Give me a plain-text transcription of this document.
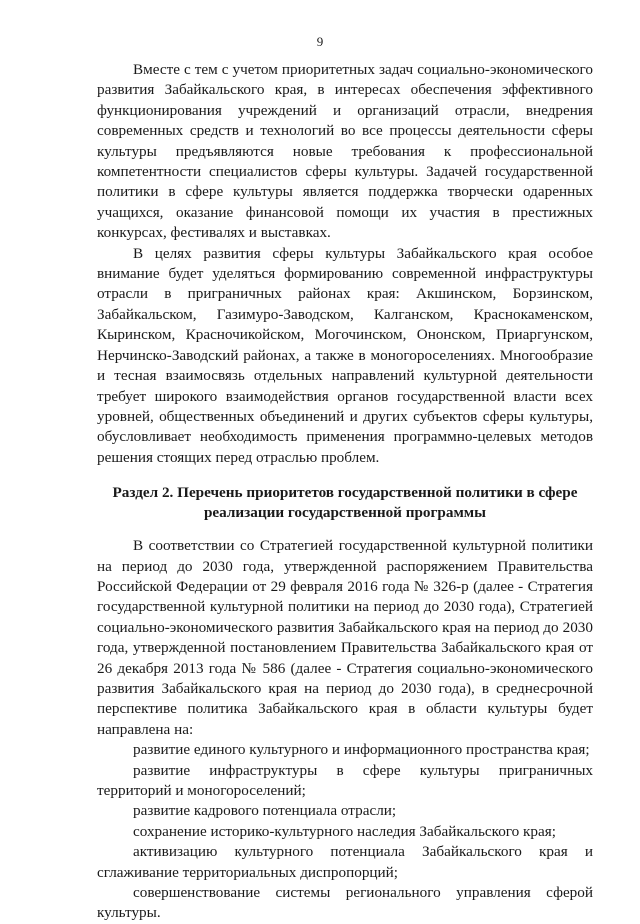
9

Вместе с тем с учетом приоритетных задач социально-экономического развития Забайкальского края, в интересах обеспечения эффективного функционирования учреждений и организаций отрасли, внедрения современных средств и технологий во все процессы деятельности сферы культуры предъявляются новые требования к профессиональной компетентности специалистов сферы культуры. Задачей государственной политики в сфере культуры является поддержка творчески одаренных учащихся, оказание финансовой помощи их участия в престижных конкурсах, фестивалях и выставках.

В целях развития сферы культуры Забайкальского края особое внимание будет уделяться формированию современной инфраструктуры отрасли в приграничных районах края: Акшинском, Борзинском, Забайкальском, Газимуро-Заводском, Калганском, Краснокаменском, Кыринском, Красночикойском, Могочинском, Ононском, Приаргунском, Нерчинско-Заводский районах, а также в моногороселениях. Многообразие и тесная взаимосвязь отдельных направлений культурной деятельности требует широкого взаимодействия органов государственной власти всех уровней, общественных объединений и других субъектов сферы культуры, обусловливает необходимость применения программно-целевых методов решения стоящих перед отраслью проблем.

Раздел 2. Перечень приоритетов государственной политики в сфере
реализации государственной программы

В соответствии со Стратегией государственной культурной политики на период до 2030 года, утвержденной распоряжением Правительства Российской Федерации от 29 февраля 2016 года № 326-р (далее - Стратегия государственной культурной политики на период до 2030 года), Стратегией социально-экономического развития Забайкальского края на период до 2030 года, утвержденной постановлением Правительства Забайкальского края от 26 декабря 2013 года № 586 (далее - Стратегия социально-экономического развития Забайкальского края на период до 2030 года), в среднесрочной перспективе политика Забайкальского края в области культуры будет направлена на:

развитие единого культурного и информационного пространства края;

развитие инфраструктуры в сфере культуры приграничных территорий и моногороселений;

развитие кадрового потенциала отрасли;

сохранение историко-культурного наследия Забайкальского края;

активизацию культурного потенциала Забайкальского края и сглаживание территориальных диспропорций;

совершенствование системы регионального управления сферой культуры.
